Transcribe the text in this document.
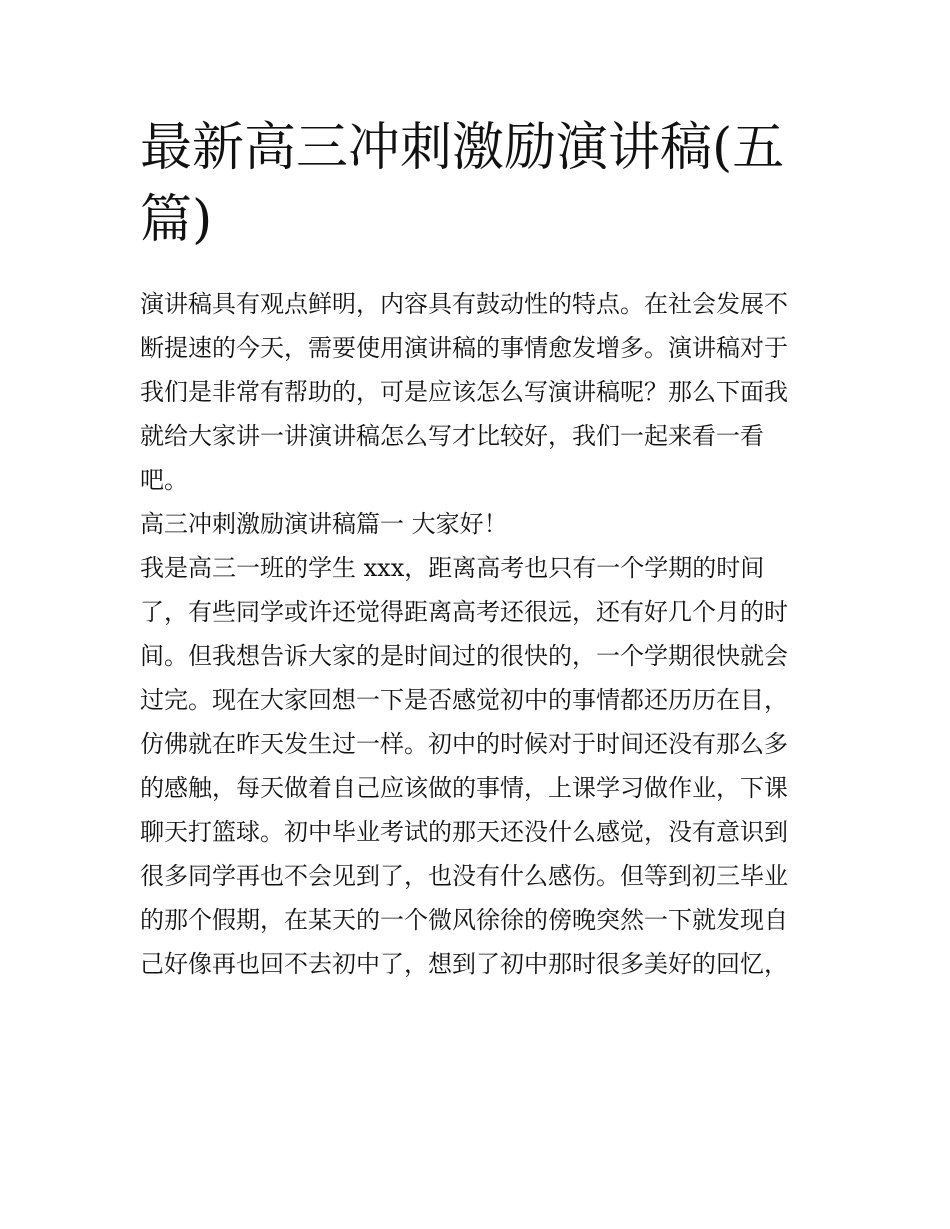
最新高三冲刺激励演讲稿(五
篇)
演讲稿具有观点鲜明，内容具有鼓动性的特点。在社会发展不
断提速的今天，需要使用演讲稿的事情愈发增多。演讲稿对于
我们是非常有帮助的，可是应该怎么写演讲稿呢？那么下面我
就给大家讲一讲演讲稿怎么写才比较好，我们一起来看一看
吧。
高三冲刺激励演讲稿篇一 大家好！
我是高三一班的学生 xxx，距离高考也只有一个学期的时间
了，有些同学或许还觉得距离高考还很远，还有好几个月的时
间。但我想告诉大家的是时间过的很快的，一个学期很快就会
过完。现在大家回想一下是否感觉初中的事情都还历历在目，
仿佛就在昨天发生过一样。初中的时候对于时间还没有那么多
的感触，每天做着自己应该做的事情，上课学习做作业，下课
聊天打篮球。初中毕业考试的那天还没什么感觉，没有意识到
很多同学再也不会见到了，也没有什么感伤。但等到初三毕业
的那个假期，在某天的一个微风徐徐的傍晚突然一下就发现自
己好像再也回不去初中了，想到了初中那时很多美好的回忆，
